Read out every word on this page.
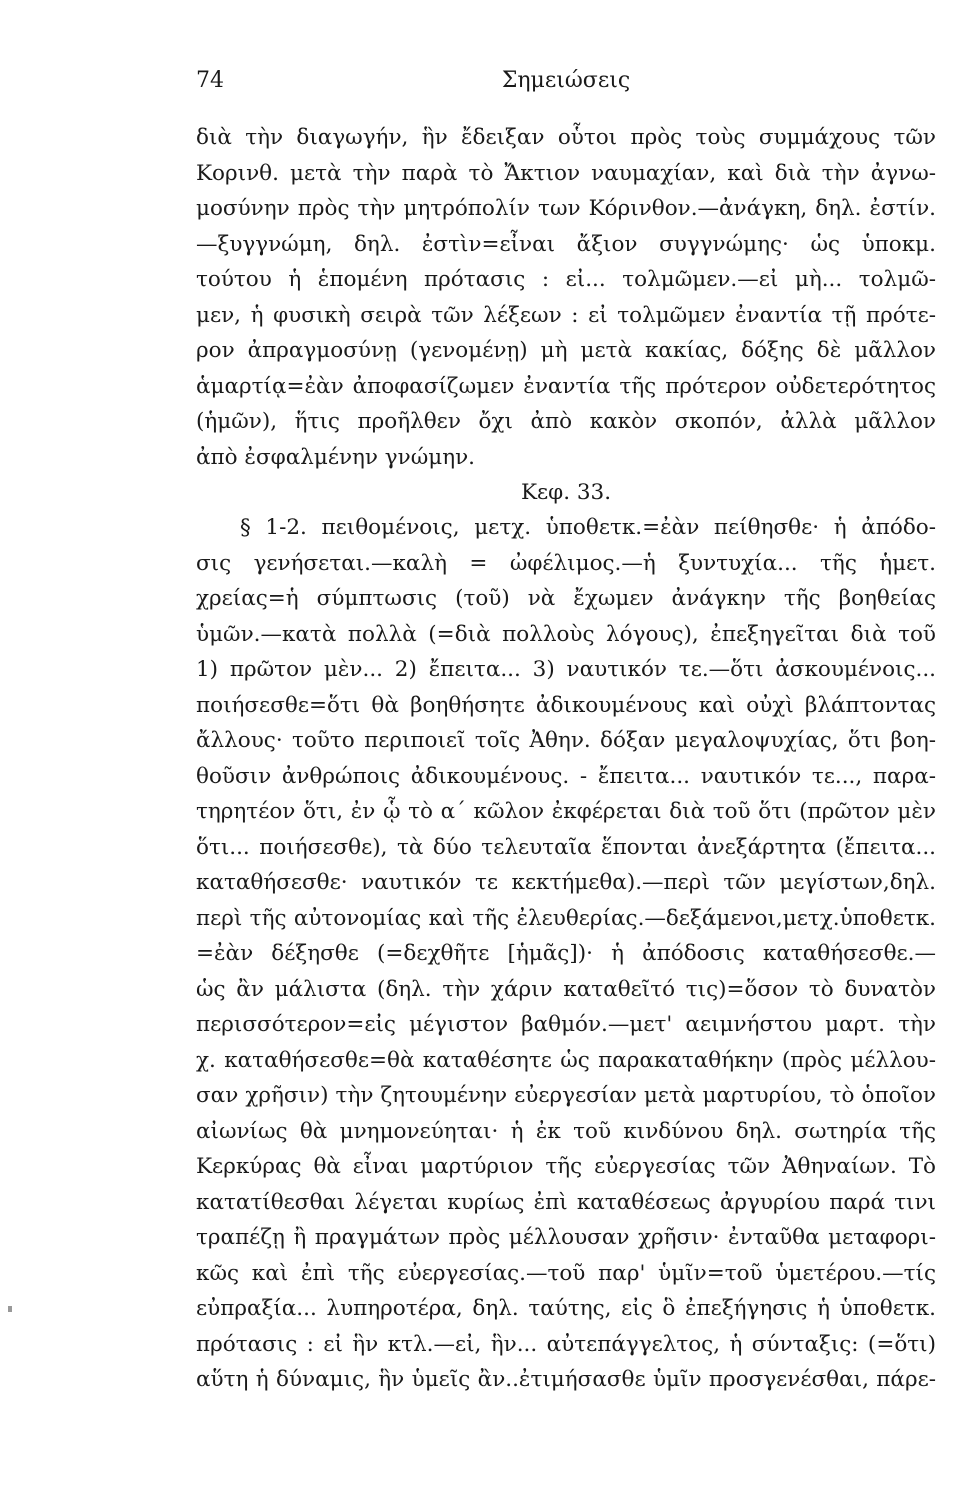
74	Σημειώσεις
διὰ τὴν διαγωγήν, ἣν ἔδειξαν οὗτοι πρὸς τοὺς συμμάχους τῶν
Κορινθ. μετὰ τὴν παρὰ τὸ Ἄκτιον ναυμαχίαν, καὶ διὰ τὴν ἀγνω-
μοσύνην πρὸς τὴν μητρόπολίν των Κόρινθον.—ἀνάγκη, δηλ. ἐστίν.
—ξυγγνώμη, δηλ. ἐστὶν=εἶναι ἄξιον συγγνώμης· ὡς ὑποκμ.
τούτου ἡ ἑπομένη πρότασις : εἰ... τολμῶμεν.—εἰ μὴ... τολμῶ-
μεν, ἡ φυσικὴ σειρὰ τῶν λέξεων : εἰ τολμῶμεν ἐναντία τῇ πρότε-
ρον ἀπραγμοσύνῃ (γενομένῃ) μὴ μετὰ κακίας, δόξης δὲ μᾶλλον
ἁμαρτίᾳ=ἐὰν ἀποφασίζωμεν ἐναντία τῆς πρότερον οὐδετερότητος
(ἡμῶν), ἥτις προῆλθεν ὄχι ἀπὸ κακὸν σκοπόν, ἀλλὰ μᾶλλον
ἀπὸ ἐσφαλμένην γνώμην.
Κεφ. 33.
§ 1-2. πειθομένοις, μετχ. ὑποθετκ.=ἐὰν πείθησθε· ἡ ἀπόδο-
σις γενήσεται.—καλὴ = ὠφέλιμος.—ἡ ξυντυχία... τῆς ἡμετ.
χρείας=ἡ σύμπτωσις (τοῦ) νὰ ἔχωμεν ἀνάγκην τῆς βοηθείας
ὑμῶν.—κατὰ πολλὰ (=διὰ πολλοὺς λόγους), ἐπεξηγεῖται διὰ τοῦ
1) πρῶτον μὲν... 2) ἔπειτα... 3) ναυτικόν τε.—ὅτι ἀσκουμένοις...
ποιήσεσθε=ὅτι θὰ βοηθήσητε ἀδικουμένους καὶ οὐχὶ βλάπτοντας
ἄλλους· τοῦτο περιποιεῖ τοῖς Ἀθην. δόξαν μεγαλοψυχίας, ὅτι βοη-
θοῦσιν ἀνθρώποις ἀδικουμένους. - ἔπειτα... ναυτικόν τε..., παρα-
τηρητέον ὅτι, ἐν ᾧ τὸ α΄ κῶλον ἐκφέρεται διὰ τοῦ ὅτι (πρῶτον μὲν
ὅτι... ποιήσεσθε), τὰ δύο τελευταῖα ἕπονται ἀνεξάρτητα (ἔπειτα...
καταθήσεσθε· ναυτικόν τε κεκτήμεθα).—περὶ τῶν μεγίστων,δηλ.
περὶ τῆς αὐτονομίας καὶ τῆς ἐλευθερίας.—δεξάμενοι,μετχ.ὑποθετκ.
=ἐὰν δέξησθε (=δεχθῆτε [ἡμᾶς])· ἡ ἀπόδοσις καταθήσεσθε.—
ὡς ἂν μάλιστα (δηλ. τὴν χάριν καταθεῖτό τις)=ὅσον τὸ δυνατὸν
περισσότερον=εἰς μέγιστον βαθμόν.—μετ' αειμνήστου μαρτ. τὴν
χ. καταθήσεσθε=θὰ καταθέσητε ὡς παρακαταθήκην (πρὸς μέλλου-
σαν χρῆσιν) τὴν ζητουμένην εὐεργεσίαν μετὰ μαρτυρίου, τὸ ὁποῖον
αἰωνίως θὰ μνημονεύηται· ἡ ἐκ τοῦ κινδύνου δηλ. σωτηρία τῆς
Κερκύρας θὰ εἶναι μαρτύριον τῆς εὐεργεσίας τῶν Ἀθηναίων. Τὸ
κατατίθεσθαι λέγεται κυρίως ἐπὶ καταθέσεως ἀργυρίου παρά τινι
τραπέζῃ ἢ πραγμάτων πρὸς μέλλουσαν χρῆσιν· ἐνταῦθα μεταφορι-
κῶς καὶ ἐπὶ τῆς εὐεργεσίας.—τοῦ παρ' ὑμῖν=τοῦ ὑμετέρου.—τίς
εὐπραξία... λυπηροτέρα, δηλ. ταύτης, εἰς ὃ ἐπεξήγησις ἡ ὑποθετκ.
πρότασις : εἰ ἣν κτλ.—εἰ, ἣν... αὐτεπάγγελτος, ἡ σύνταξις: (=ὅτι)
αὕτη ἡ δύναμις, ἣν ὑμεῖς ἂν..ἐτιμήσασθε ὑμῖν προσγενέσθαι, πάρε-
